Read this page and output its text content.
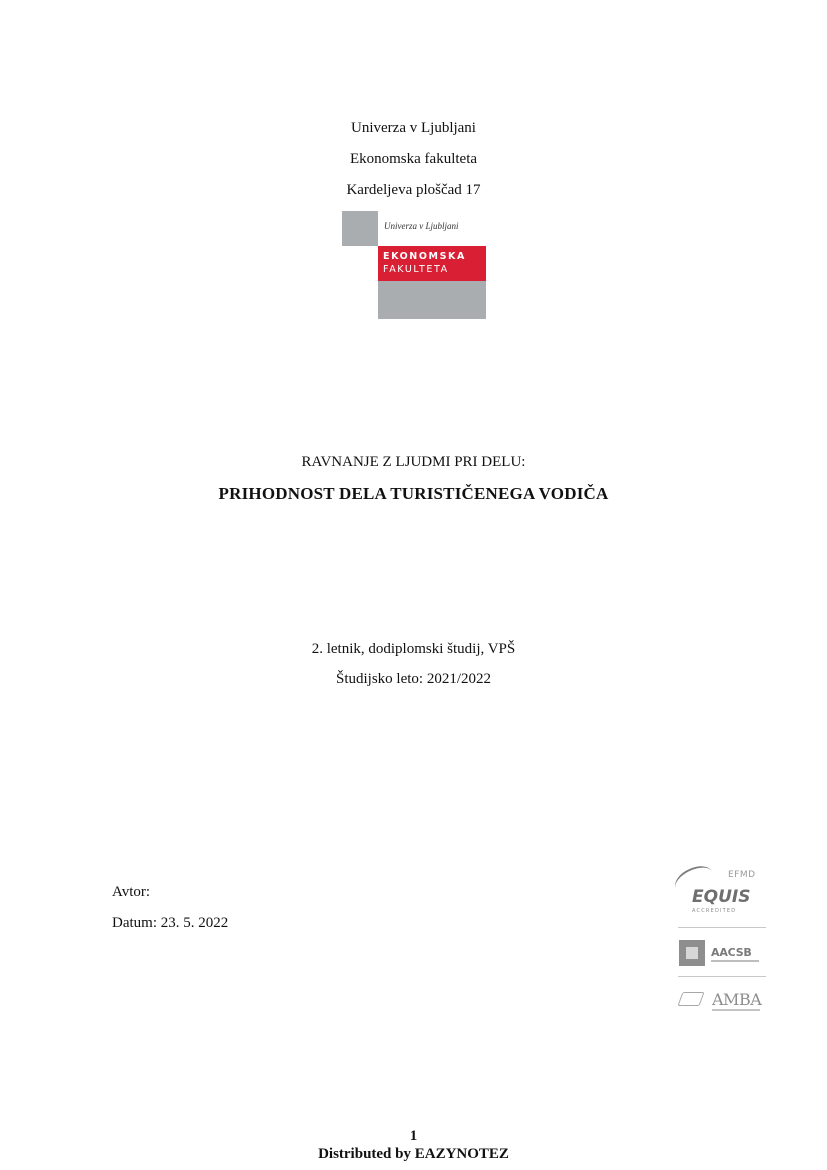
Univerza v Ljubljani
Ekonomska fakulteta
Kardeljeva ploščad 17
Univerza v Ljubljani
EKONOMSKA
FAKULTETA
RAVNANJE Z LJUDMI PRI DELU:
PRIHODNOST DELA TURISTIČENEGA VODIČA
2. letnik, dodiplomski študij, VPŠ
Študijsko leto: 2021/2022
Avtor:
Datum: 23. 5. 2022
EFMD
EQUIS
ACCREDITED
AACSB
AMBA
1
Distributed by EAZYNOTEZ
